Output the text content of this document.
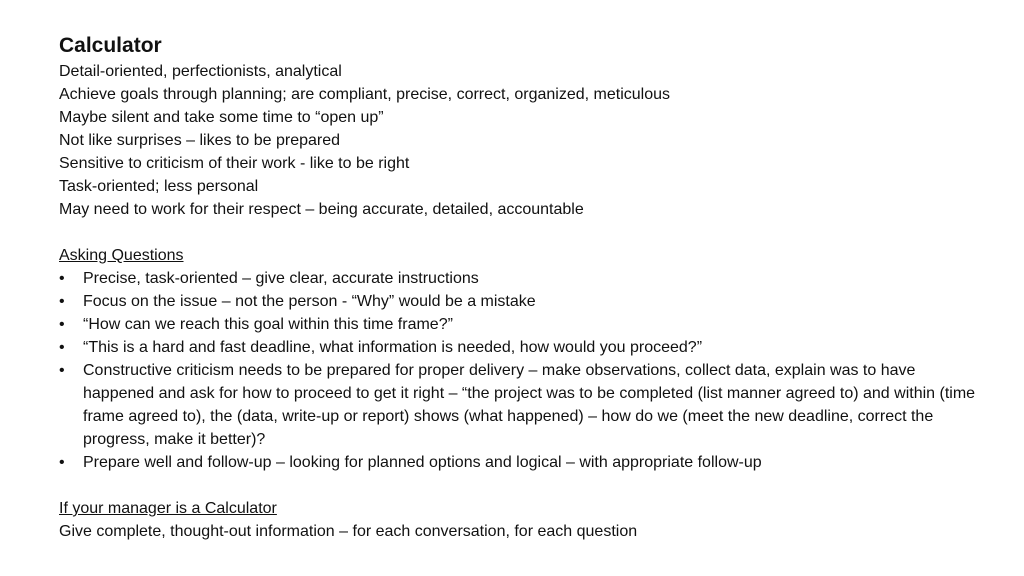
Calculator

Detail-oriented, perfectionists, analytical

Achieve goals through planning; are compliant, precise, correct, organized, meticulous

Maybe silent and take some time to “open up”

Not like surprises – likes to be prepared

Sensitive to criticism of their work - like to be right

Task-oriented; less personal

May need to work for their respect – being accurate, detailed, accountable

Asking Questions
•	Precise, task-oriented – give clear, accurate instructions
•	Focus on the issue – not the person - “Why” would be a mistake
•	“How can we reach this goal within this time frame?”
•	“This is a hard and fast deadline, what information is needed, how would you proceed?”
•	Constructive criticism needs to be prepared for proper delivery – make observations, collect data, explain was to have happened and ask for how to proceed to get it right – “the project was to be completed (list manner agreed to) and within (time frame agreed to), the (data, write-up or report) shows (what happened) – how do we (meet the new deadline, correct the progress, make it better)?
•	Prepare well and follow-up – looking for planned options and logical – with appropriate follow-up
If your manager is a Calculator

Give complete, thought-out information – for each conversation, for each question
